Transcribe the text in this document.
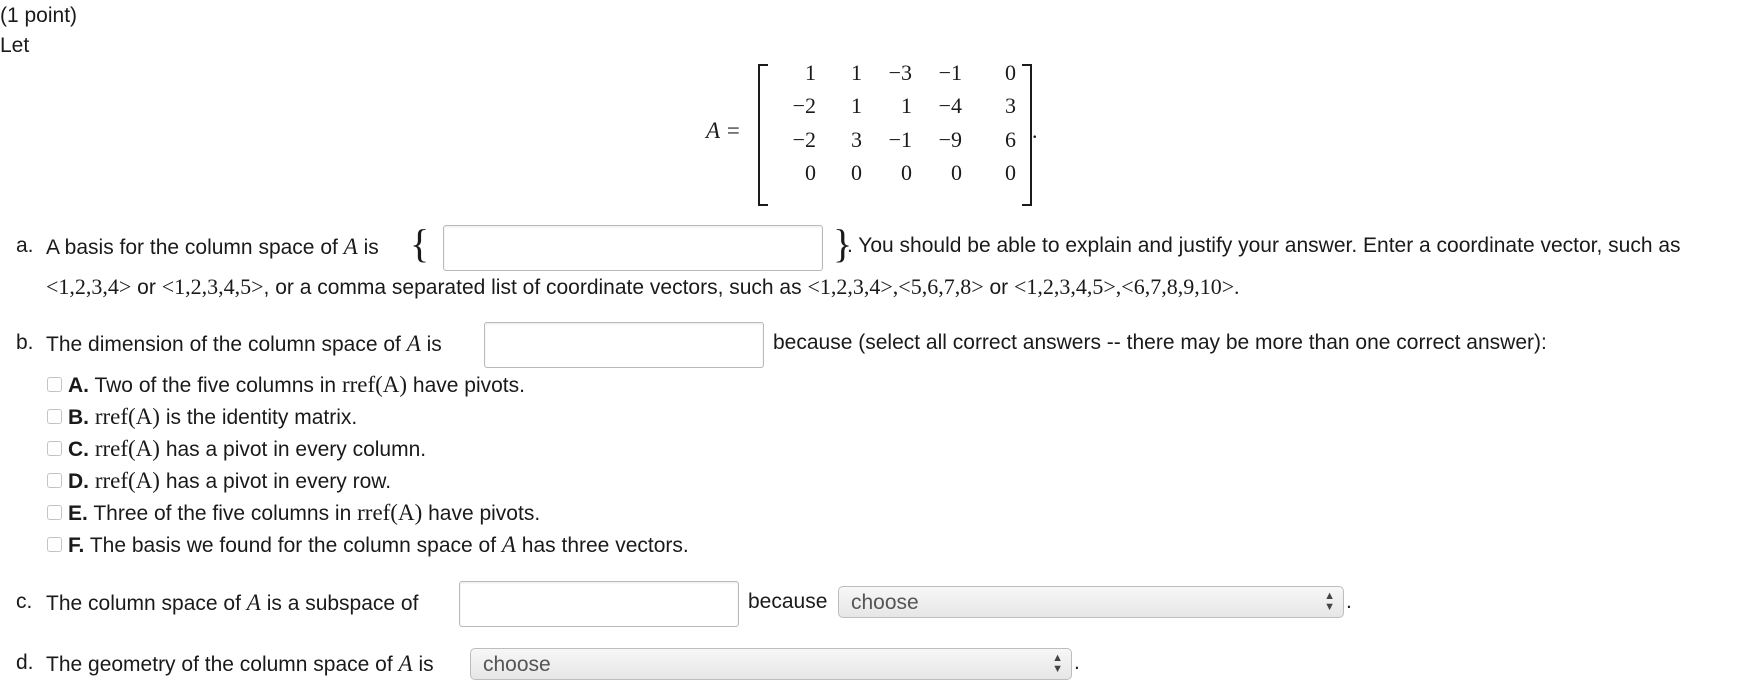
(1 point)
Let
A =	.
1	1	−3	−1	0
−2	1	1	−4	3
−2	3	−1	−9	6
0	0	0	0	0
a. A basis for the column space of A is {	}
. You should be able to explain and justify your answer. Enter a coordinate vector, such as
<1,2,3,4> or <1,2,3,4,5>, or a comma separated list of coordinate vectors, such as <1,2,3,4>,<5,6,7,8> or <1,2,3,4,5>,<6,7,8,9,10>.
b. The dimension of the column space of A is	because (select all correct answers -- there may be more than one correct answer):
A. Two of the five columns in rref(A) have pivots.
B. rref(A) is the identity matrix.
C. rref(A) has a pivot in every column.
D. rref(A) has a pivot in every row.
E. Three of the five columns in rref(A) have pivots.
F. The basis we found for the column space of A has three vectors.
c. The column space of A is a subspace of	because	choose	▲
▼ .
d. The geometry of the column space of A is	choose	▲
▼ .
